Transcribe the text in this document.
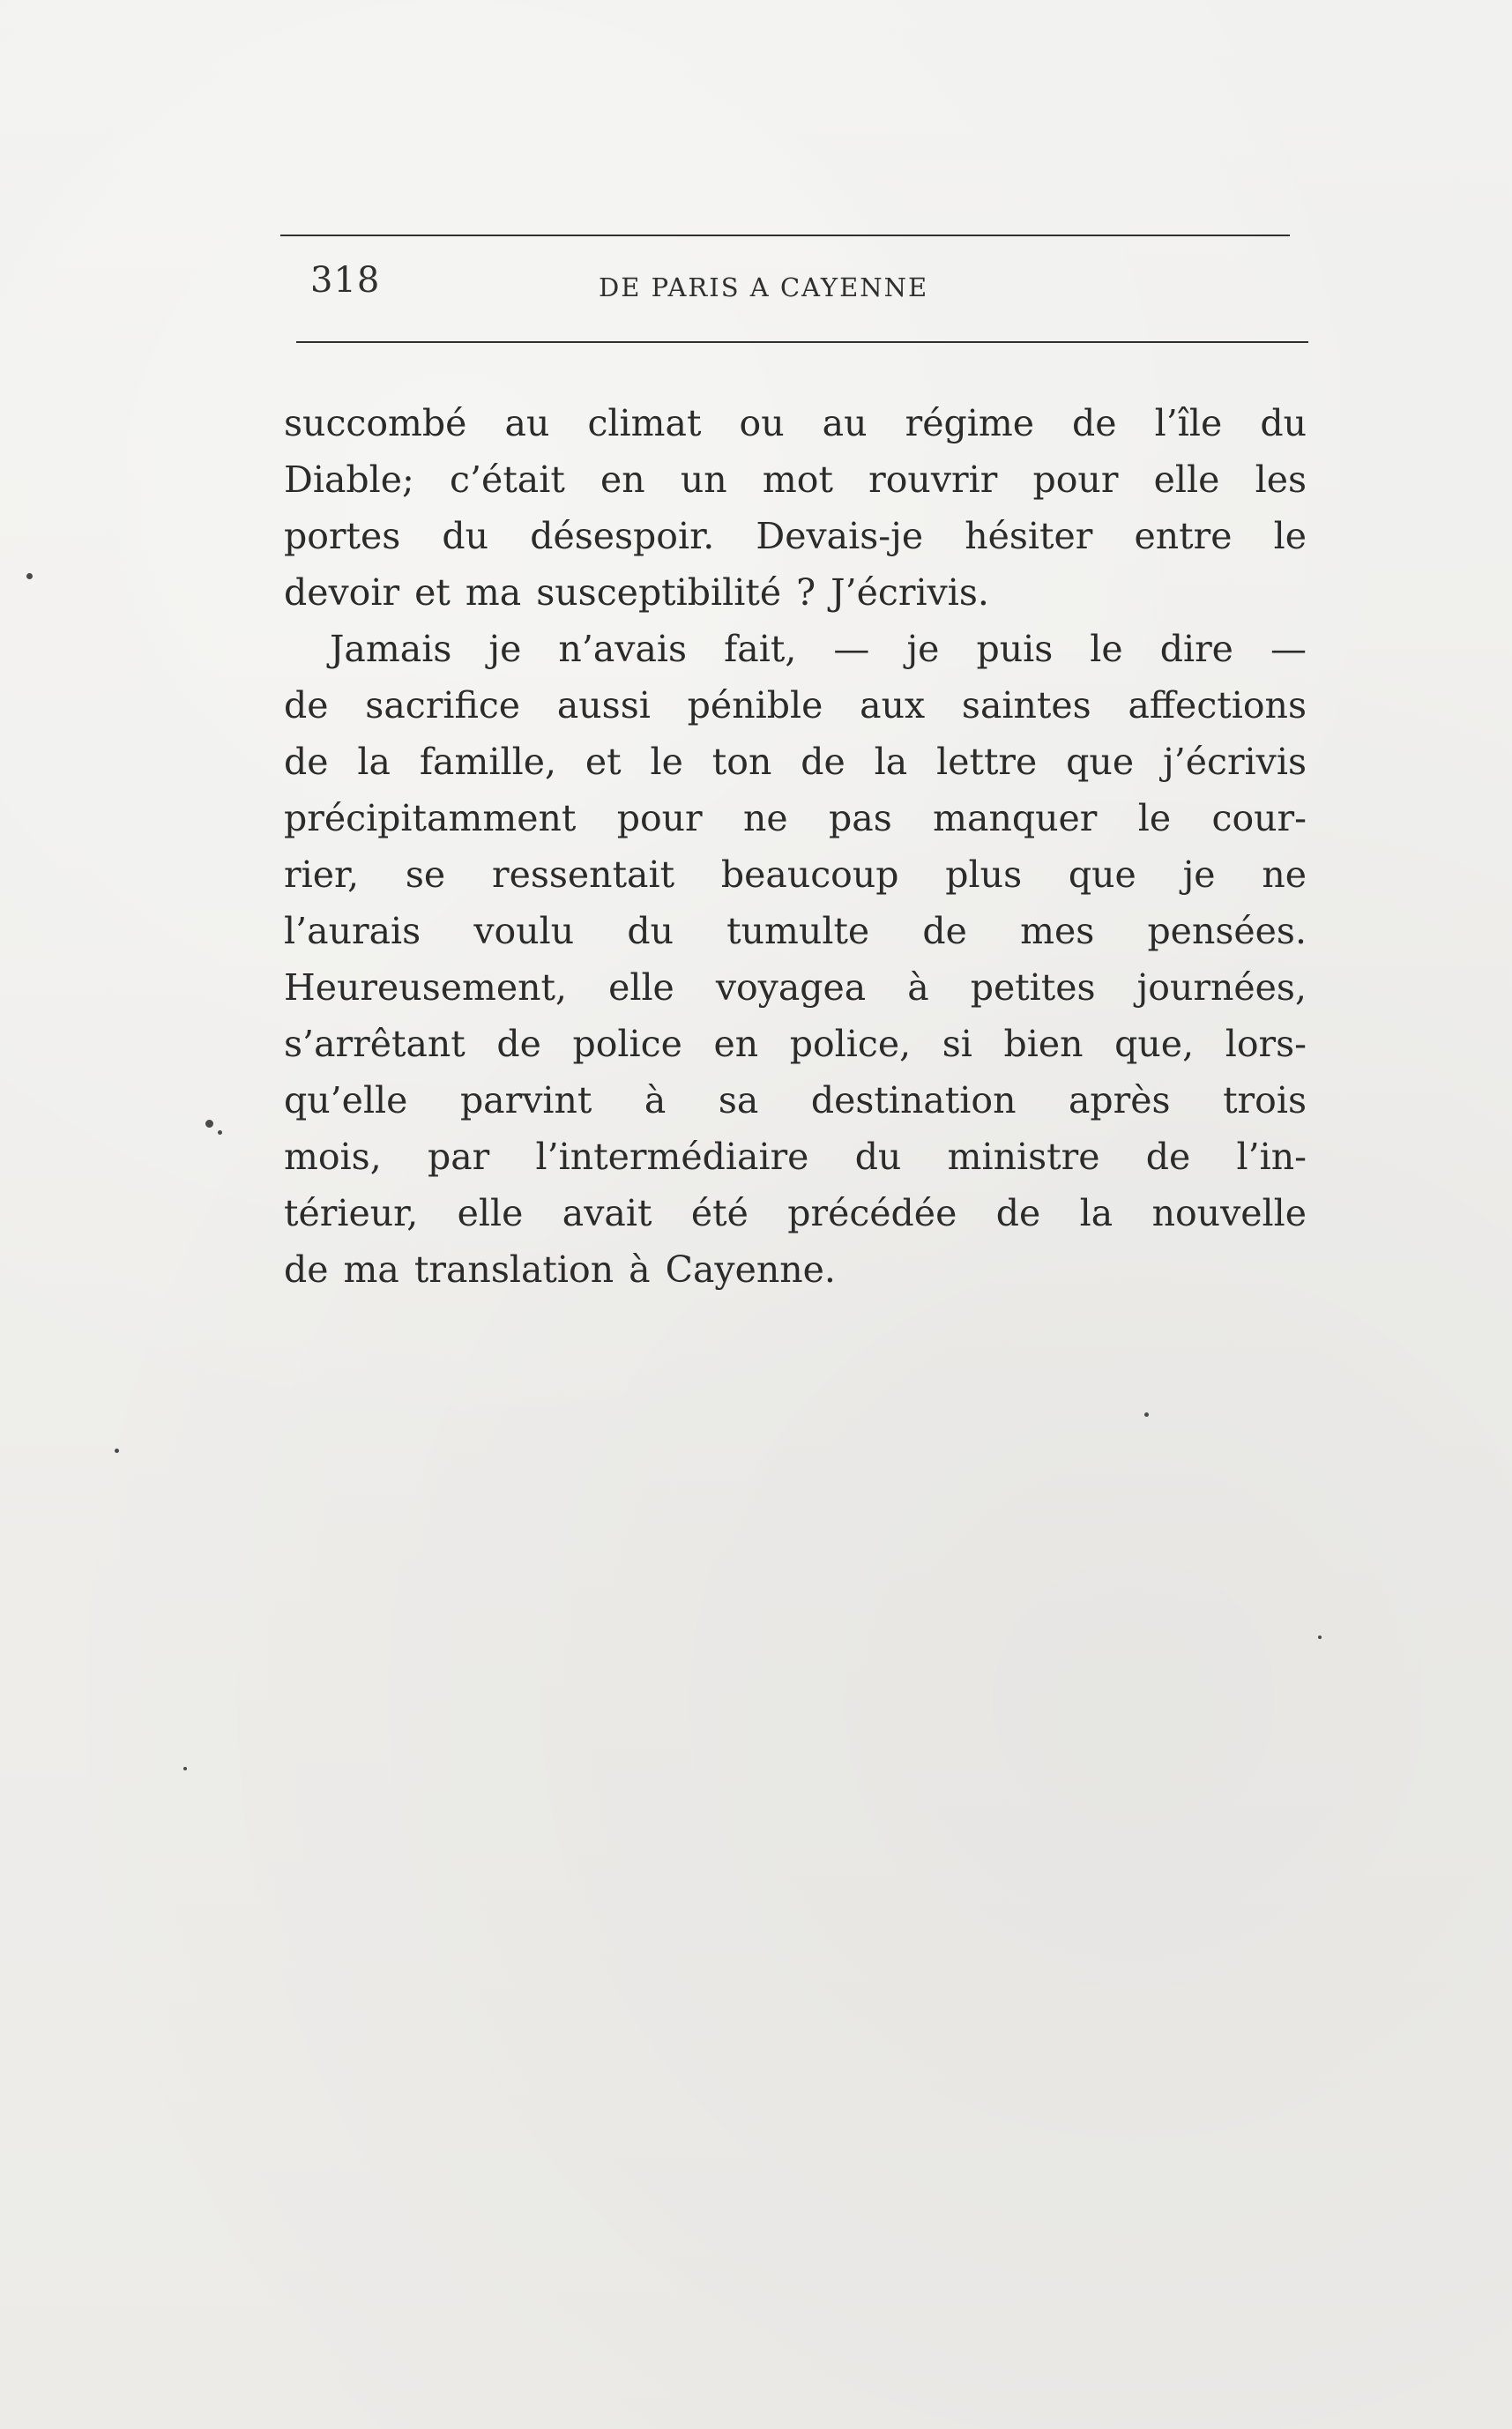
318	DE PARIS A CAYENNE
succombé au climat ou au régime de l’île du
Diable; c’était en un mot rouvrir pour elle les
portes du désespoir. Devais-je hésiter entre le
devoir et ma susceptibilité ? J’écrivis.
Jamais je n’avais fait, — je puis le dire —
de sacrifice aussi pénible aux saintes affections
de la famille, et le ton de la lettre que j’écrivis
précipitamment pour ne pas manquer le cour-
rier, se ressentait beaucoup plus que je ne
l’aurais voulu du tumulte de mes pensées.
Heureusement, elle voyagea à petites journées,
s’arrêtant de police en police, si bien que, lors-
qu’elle parvint à sa destination après trois
mois, par l’intermédiaire du ministre de l’in-
térieur, elle avait été précédée de la nouvelle
de ma translation à Cayenne.
